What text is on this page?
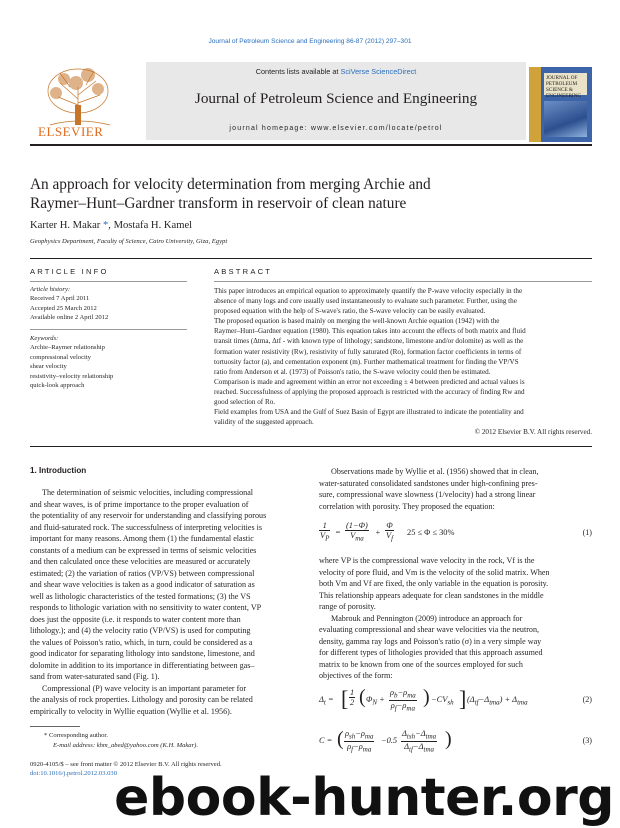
Journal of Petroleum Science and Engineering 86-87 (2012) 297–301
Contents lists available at SciVerse ScienceDirect
Journal of Petroleum Science and Engineering
journal homepage: www.elsevier.com/locate/petrol
ELSEVIER
JOURNAL OF PETROLEUM SCIENCE & ENGINEERING
An approach for velocity determination from merging Archie and
Raymer–Hunt–Gardner transform in reservoir of clean nature
Karter H. Makar *, Mostafa H. Kamel
Geophysics Department, Faculty of Science, Cairo University, Giza, Egypt
ARTICLE INFO
Article history:
Received 7 April 2011
Accepted 25 March 2012
Available online 2 April 2012
Keywords:
Archie–Raymer relationship
compressional velocity
shear velocity
resistivity–velocity relationship
quick-look approach
ABSTRACT
This paper introduces an empirical equation to approximately quantify the P-wave velocity especially in the
absence of many logs and core usually used instantaneously to evaluate such parameter. Further, using the
proposed equation with the help of S-wave's ratio, the S-wave velocity can be easily evaluated.
The proposed equation is based mainly on merging the well-known Archie equation (1942) with the
Raymer–Hunt–Gardner equation (1980). This equation takes into account the effects of both matrix and fluid
transit times (Δtma, Δtf - with known type of lithology; sandstone, limestone and/or dolomite) as well as the
formation water resistivity (Rw), resistivity of fully saturated (Ro), formation factor coefficients in terms of
tortuosity factor (a), and cementation exponent (m). Further mathematical treatment for finding the VP/VS
ratio from Anderson et al. (1973) of Poisson's ratio, the S-wave velocity could then be estimated.
Comparison is made and agreement within an error not exceeding ± 4 between predicted and actual values is
reached. Successfulness of applying the proposed approach is restricted with the accuracy of finding Rw and
good selection of Ro.
Field examples from USA and the Gulf of Suez Basin of Egypt are illustrated to indicate the potentiality and
validity of the suggested approach.
© 2012 Elsevier B.V. All rights reserved.
1. Introduction
The determination of seismic velocities, including compressional
and shear waves, is of prime importance to the proper evaluation of
the potentiality of any reservoir for understanding and classifying porous
and fluid-saturated rock. The successfulness of interpreting velocities is
important for many reasons. Among them (1) the fundamental elastic
constants of a medium can be expressed in terms of seismic velocities
and then calculated once these velocities are measured or accurately
estimated; (2) the variation of ratios (VP/VS) between compressional
and shear wave velocities is taken as a good indicator of saturation as
well as lithologic characteristics of the tested formations; (3) the VS
responds to lithologic variation with no sensitivity to water content, VP
does just the opposite (i.e. it responds to water content more than
lithology.); and (4) the velocity ratio (VP/VS) is used for computing
the values of Poisson's ratio, which, in turn, could be considered as a
good indicator for separating lithology into sandstone, limestone, and
dolomite in addition to its importance in differentiating between gas–
sand from water-saturated sand (Fig. 1).
Compressional (P) wave velocity is an important parameter for
the analysis of rock properties. Lithology and porosity can be related
empirically to velocity in Wyllie equation (Wyllie et al. 1956).
* Corresponding author.
E-mail address: khm_abed@yahoo.com (K.H. Makar).
0920-4105/$ – see front matter © 2012 Elsevier B.V. All rights reserved.
doi:10.1016/j.petrol.2012.03.030
Observations made by Wyllie et al. (1956) showed that in clean,
water-saturated consolidated sandstones under high-confining pres-
sure, compressional wave slowness (1/velocity) had a strong linear
correlation with porosity. They proposed the equation:
$\frac{1}{V_P}$ =
(1−Φ)
$V_{ma}$
+ $\frac{\Phi}{V_f} 25 \le \Phi \le 30\%$	(1)
where VP is the compressional wave velocity in the rock, Vf is the
velocity of pore fluid, and Vm is the velocity of the solid matrix. When
both Vm and Vf are fixed, the only variable in the equation is porosity.
This relationship appears adequate for clean sandstones in the middle
range of porosity.
Mabrouk and Pennington (2009) introduce an approach for
evaluating compressional and shear wave velocities via the neutron,
density, gamma ray logs and Poisson's ratio (σ) in a very simple way
for different types of lithologies provided that this approach assumed
matrix to be known from one of the sources employed for such
objectives of the form:
$\Delta_t$ = [ $\frac{1}{2}$ ( $\Phi_N$ +
$\rho_b-\rho_{ma}$
$\rho_f-\rho_{ma}$
) $-CV_{sh}$ ] $(\Delta_{tf}-\Delta_{tma}) + \Delta_{tma}$	(2)
C = ( $\rho_{sh}-\rho_{ma}$
$\rho_f-\rho_{ma}$
−0.5
$\Delta_{tsh}-\Delta_{tma}$
$\Delta_{tf}-\Delta_{tma}$ )	(3)
ebook-hunter.org
